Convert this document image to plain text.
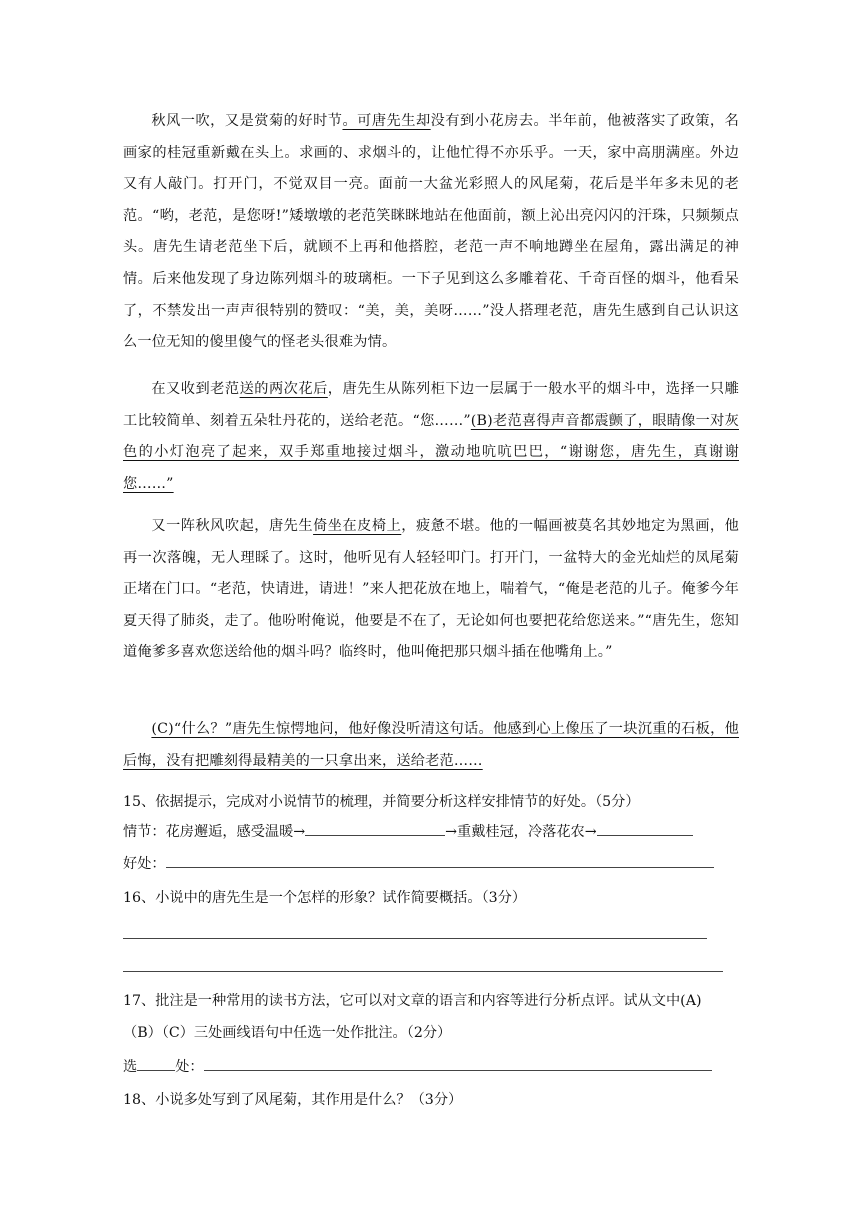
秋风一吹，又是赏菊的好时节。可唐先生却没有到小花房去。半年前，他被落实了政策，名画家的桂冠重新戴在头上。求画的、求烟斗的，让他忙得不亦乐乎。一天，家中高朋满座。外边又有人敲门。打开门，不觉双目一亮。面前一大盆光彩照人的风尾菊，花后是半年多未见的老范。“哟，老范，是您呀!”矮墩墩的老范笑眯眯地站在他面前，额上沁出亮闪闪的汗珠，只频频点头。唐先生请老范坐下后，就顾不上再和他搭腔，老范一声不响地蹲坐在屋角，露出满足的神情。后来他发现了身边陈列烟斗的玻璃柜。一下子见到这么多雕着花、千奇百怪的烟斗，他看呆了，不禁发出一声声很特别的赞叹：“美，美，美呀……”没人搭理老范，唐先生感到自己认识这么一位无知的傻里傻气的怪老头很难为情。
在又收到老范送的两次花后，唐先生从陈列柜下边一层属于一般水平的烟斗中，选择一只雕工比较简单、刻着五朵牡丹花的，送给老范。“您……”(B)老范喜得声音都震颤了，眼睛像一对灰色的小灯泡亮了起来，双手郑重地接过烟斗，激动地吭吭巴巴，“谢谢您，唐先生，真谢谢您……”
又一阵秋风吹起，唐先生倚坐在皮椅上，疲惫不堪。他的一幅画被莫名其妙地定为黑画，他再一次落魄，无人理睬了。这时，他听见有人轻轻叩门。打开门，一盆特大的金光灿烂的凤尾菊正堵在门口。“老范，快请进，请进！”来人把花放在地上，喘着气，“俺是老范的儿子。俺爹今年夏天得了肺炎，走了。他吩咐俺说，他要是不在了，无论如何也要把花给您送来。”“唐先生，您知道俺爹多喜欢您送给他的烟斗吗？临终时，他叫俺把那只烟斗插在他嘴角上。”
(C)“什么？”唐先生惊愕地问，他好像没听清这句话。他感到心上像压了一块沉重的石板，他后悔，没有把雕刻得最精美的一只拿出来，送给老范……
15、依据提示，完成对小说情节的梳理，并简要分析这样安排情节的好处。（5分）
情节：花房邂逅，感受温暖→	→重戴桂冠，冷落花农→
好处：
16、小说中的唐先生是一个怎样的形象？试作简要概括。（3分）
17、批注是一种常用的读书方法，它可以对文章的语言和内容等进行分析点评。试从文中(A)
（B）（C）三处画线语句中任选一处作批注。（2分）
选	处：
18、小说多处写到了风尾菊，其作用是什么？（3分）
